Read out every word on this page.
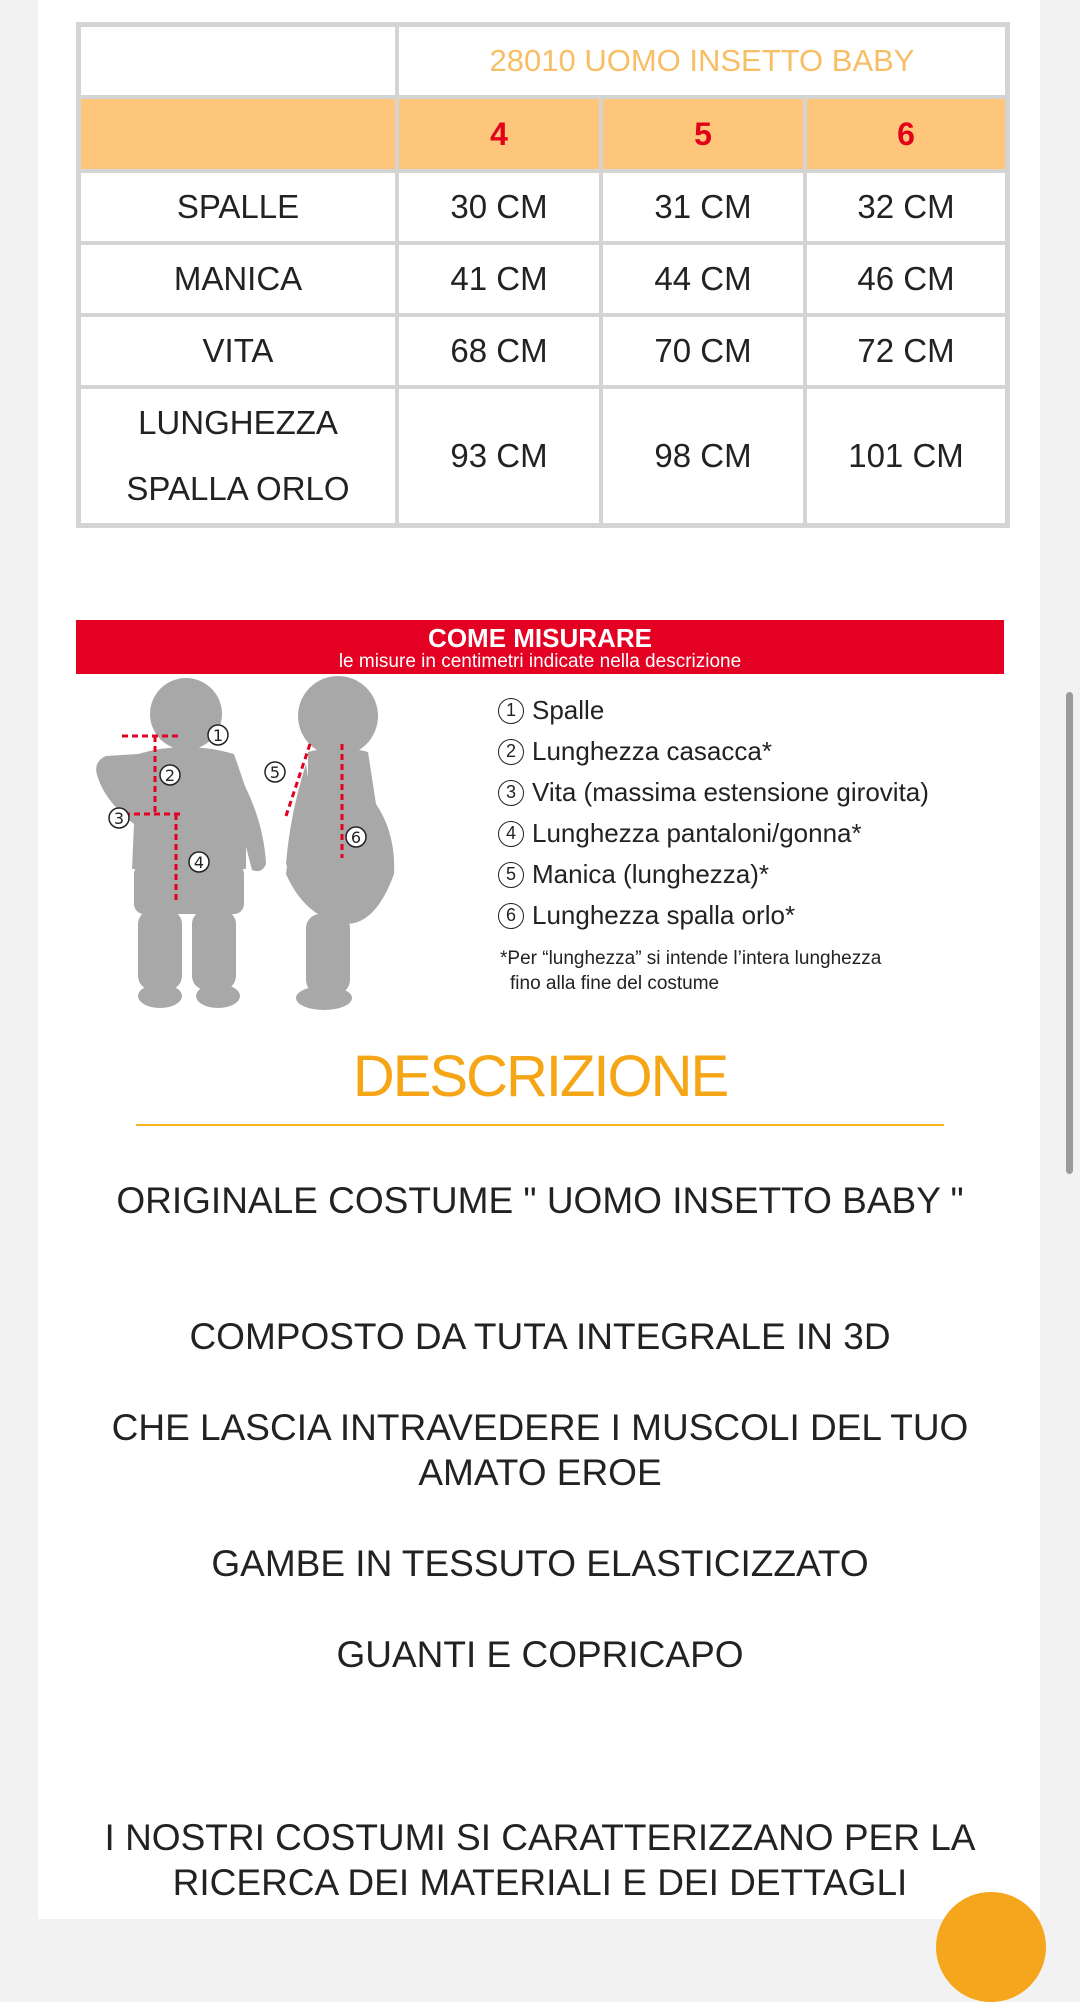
	28010 UOMO INSETTO BABY		
	4	5	6
SPALLE	30 CM	31 CM	32 CM
MANICA	41 CM	44 CM	46 CM
VITA	68 CM	70 CM	72 CM

LUNGHEZZA
SPALLA ORLO	93 CM	98 CM	101 CM
COME MISURARE
le misure in centimetri indicate nella descrizione
1
2
3
4
5
6
1 Spalle
2 Lunghezza casacca*
3 Vita (massima estensione girovita)
4 Lunghezza pantaloni/gonna*
5 Manica (lunghezza)*
6 Lunghezza spalla orlo*
*Per “lunghezza” si intende l’intera lunghezza
fino alla fine del costume
DESCRIZIONE
ORIGINALE COSTUME " UOMO INSETTO BABY "
COMPOSTO DA TUTA INTEGRALE IN 3D
CHE LASCIA INTRAVEDERE I MUSCOLI DEL TUO AMATO EROE
GAMBE IN TESSUTO ELASTICIZZATO
GUANTI E COPRICAPO
I NOSTRI COSTUMI SI CARATTERIZZANO PER LA RICERCA DEI MATERIALI E DEI DETTAGLI
